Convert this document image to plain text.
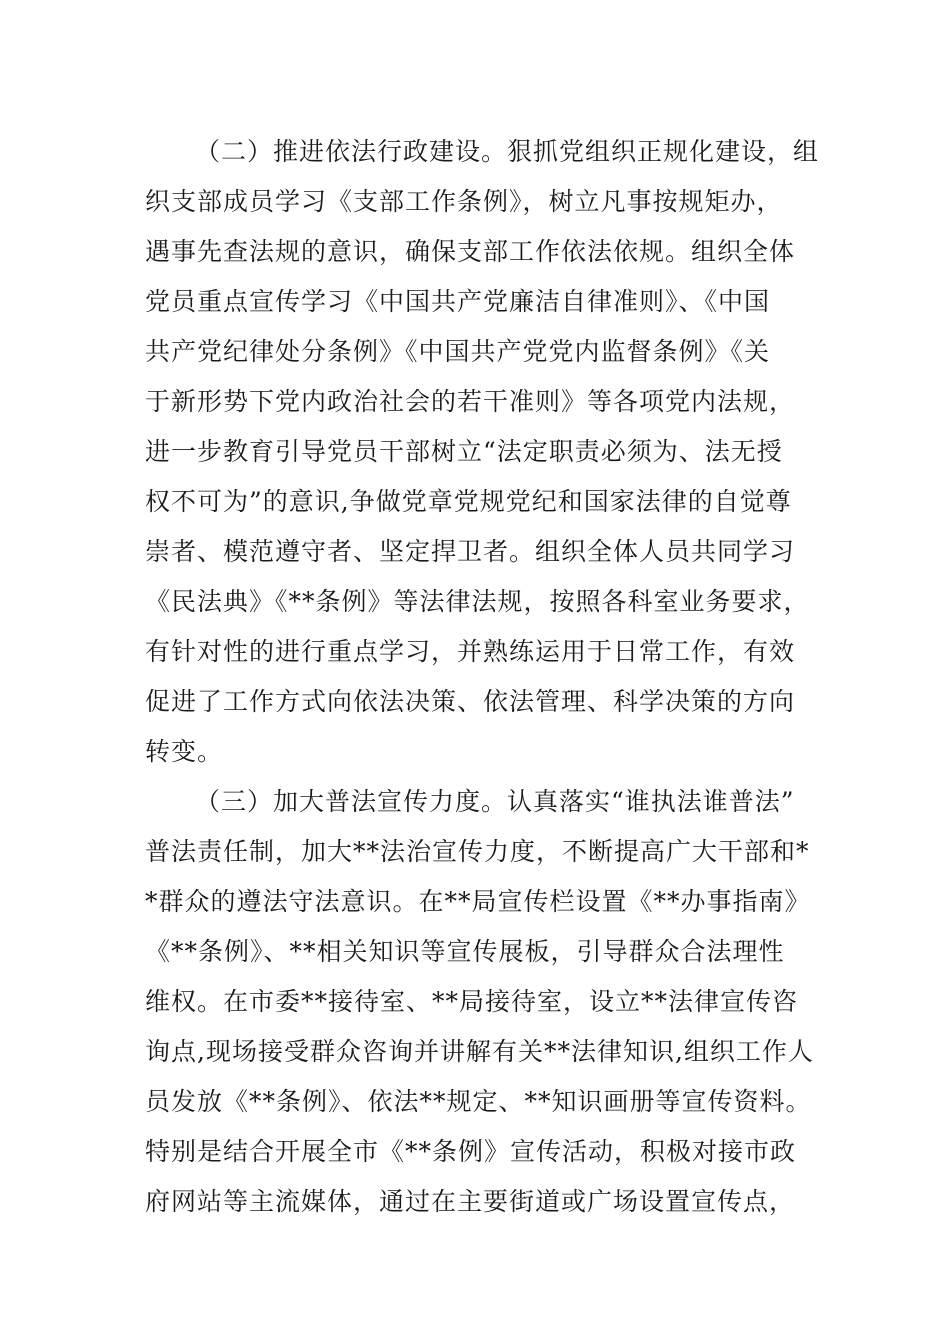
（二）推进依法行政建设。狠抓党组织正规化建设，组
织支部成员学习《支部工作条例》，树立凡事按规矩办，
遇事先查法规的意识，确保支部工作依法依规。组织全体
党员重点宣传学习《中国共产党廉洁自律准则》、《中国
共产党纪律处分条例》《中国共产党党内监督条例》《关
于新形势下党内政治社会的若干准则》等各项党内法规，
进一步教育引导党员干部树立“法定职责必须为、法无授
权不可为”的意识,争做党章党规党纪和国家法律的自觉尊
崇者、模范遵守者、坚定捍卫者。组织全体人员共同学习
《民法典》《**条例》等法律法规，按照各科室业务要求，
有针对性的进行重点学习，并熟练运用于日常工作，有效
促进了工作方式向依法决策、依法管理、科学决策的方向
转变。
（三）加大普法宣传力度。认真落实“谁执法谁普法”
普法责任制，加大**法治宣传力度，不断提高广大干部和*
*群众的遵法守法意识。在**局宣传栏设置《**办事指南》
《**条例》、**相关知识等宣传展板，引导群众合法理性
维权。在市委**接待室、**局接待室，设立**法律宣传咨
询点,现场接受群众咨询并讲解有关**法律知识,组织工作人
员发放《**条例》、依法**规定、**知识画册等宣传资料。
特别是结合开展全市《**条例》宣传活动，积极对接市政
府网站等主流媒体，通过在主要街道或广场设置宣传点，
